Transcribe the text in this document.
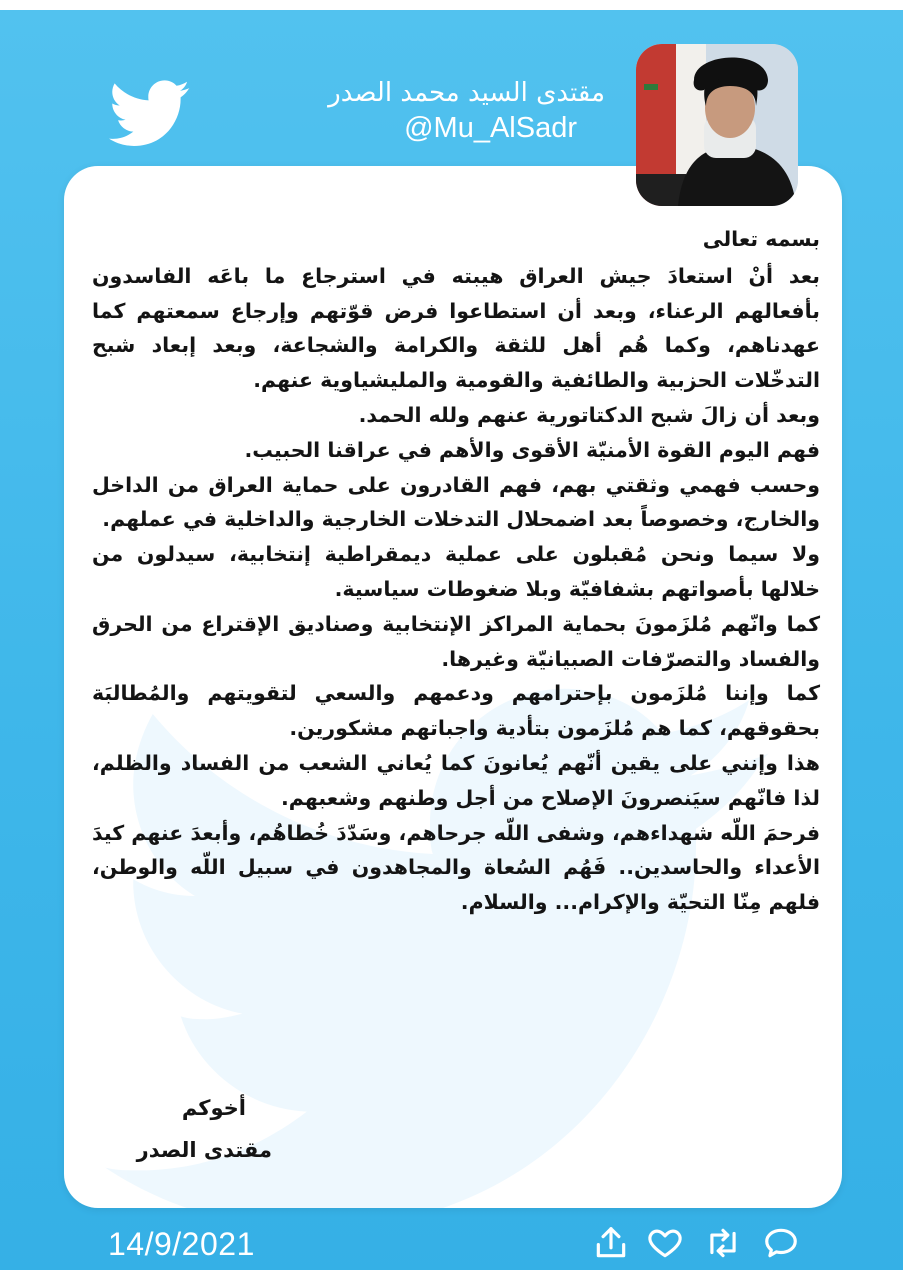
مقتدى السيد محمد الصدر
@Mu_AlSadr

بسمه تعالى

بعد أنْ استعادَ جيش العراق هيبته في استرجاع ما باعَه الفاسدون بأفعالهم الرعناء، وبعد أن استطاعوا فرض قوّتهم وإرجاع سمعتهم كما عهدناهم، وكما هُم أهل للثقة والكرامة والشجاعة، وبعد إبعاد شبح التدخّلات الحزبية والطائفية والقومية والمليشياوية عنهم.

وبعد أن زالَ شبح الدكتاتورية عنهم ولله الحمد.

فهم اليوم القوة الأمنيّة الأقوى والأهم في عراقنا الحبيب.

وحسب فهمي وثقتي بهم، فهم القادرون على حماية العراق من الداخل والخارج، وخصوصاً بعد اضمحلال التدخلات الخارجية والداخلية في عملهم.

ولا سيما ونحن مُقبلون على عملية ديمقراطية إنتخابية، سيدلون من خلالها بأصواتهم بشفافيّة وبلا ضغوطات سياسية.

كما وانّهم مُلزَمونَ بحماية المراكز الإنتخابية وصناديق الإقتراع من الحرق والفساد والتصرّفات الصبيانيّة وغيرها.

كما وإننا مُلزَمون بإحترامهم ودعمهم والسعي لتقويتهم والمُطالبَة بحقوقهم، كما هم مُلزَمون بتأدية واجباتهم مشكورين.

هذا وإنني على يقين أنّهم يُعانونَ كما يُعاني الشعب من الفساد والظلم، لذا فانّهم سيَنصرونَ الإصلاح من أجل وطنهم وشعبهم.

فرحمَ اللّه شهداءهم، وشفى اللّه جرحاهم، وسَدّدَ خُطاهُم، وأبعدَ عنهم كيدَ الأعداء والحاسدين.. فَهُم السُعاة والمجاهدون في سبيل اللّه والوطن، فلهم مِنّا التحيّة والإكرام... والسلام.

أخوكم
مقتدى الصدر
14/9/2021
